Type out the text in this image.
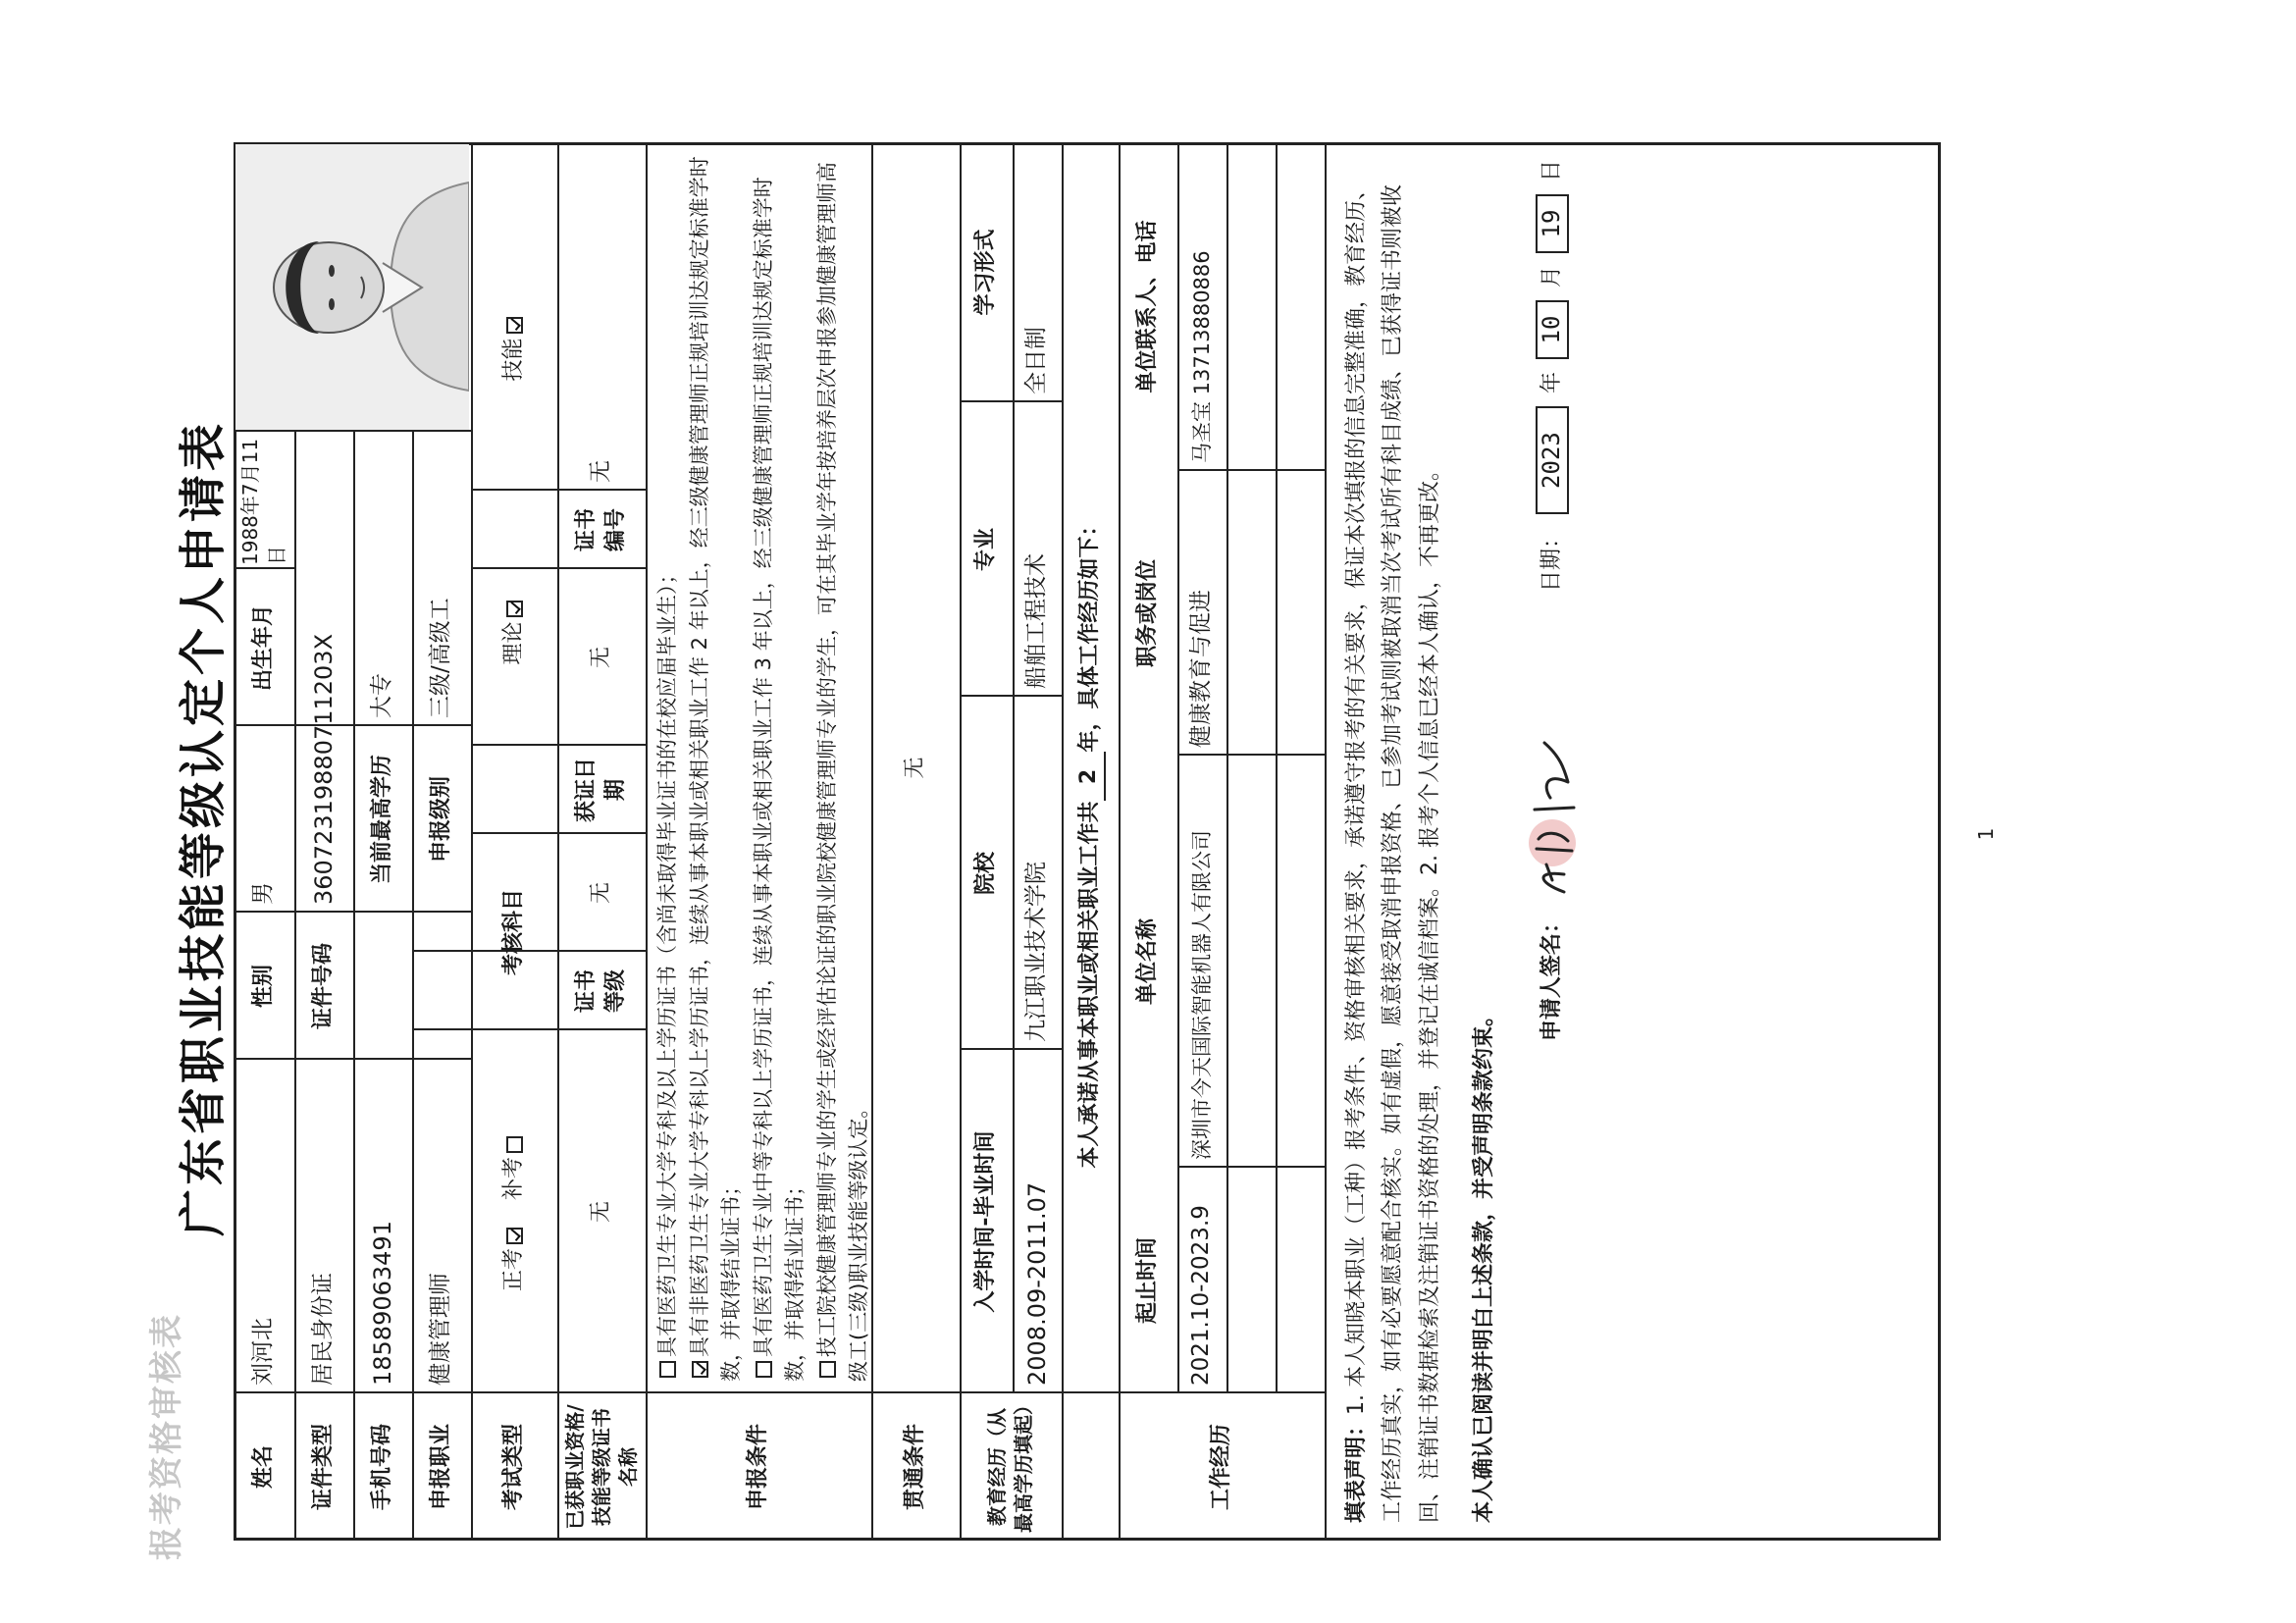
报考资格审核表
广东省职业技能等级认定个人申请表
姓名
刘河北
性别
男
出生年月
1988年7月11日
证件类型
居民身份证
证件号码
36072319880711203X
手机号码
18589063491
当前最高学历
大专
申报职业
健康管理师
申报级别
三级/高级工
考试类型
正考
补考
考核科目
理论
技能
已获职业资格/技能等级证书名称
无
证书等级
无
获证日期
无
证书编号
无
申报条件
具有医药卫生专业大学专科及以上学历证书（含尚未取得毕业证书的在校应届毕业生）； 具有非医药卫生专业大学专科以上学历证书，连续从事本职业或相关职业工作 2 年以上，经三级健康管理师正规培训达规定标准学时数，并取得结业证书； 具有医药卫生专业中等专科以上学历证书，连续从事本职业或相关职业工作 3 年以上，经三级健康管理师正规培训达规定标准学时数，并取得结业证书； 技工院校健康管理师专业的学生或经评估论证的职业院校健康管理师专业的学生，可在其毕业学年按培养层次申报参加健康管理师高级工(三级)职业技能等级认定。
贯通条件
无
教育经历（从最高学历填起）
入学时间-毕业时间
院校
专业
学习形式
2008.09-2011.07
九江职业技术学院
船舶工程技术
全日制
本人承诺从事本职业或相关职业工作共
2
年，具体工作经历如下：
工作经历
起止时间
单位名称
职务或岗位
单位联系人、电话
2021.10-2023.9
深圳市今天国际智能机器人有限公司
健康教育与促进
马圣宝 13713880886
填表声明：1. 本人知晓本职业（工种）报考条件、资格审核相关要求，承诺遵守报考的有关要求，保证本次填报的信息完整准确，教育经历、工作经历真实，如有必要愿意配合核实。如有虚假，愿意接受取消申报资格、已参加考试则被取消当次考试所有科目成绩、已获得证书则被收回、注销证书数据检索及注销证书资格的处理，并登记在诚信档案。2. 报考个人信息已经本人确认，不再更改。 本人确认已阅读并明白上述条款，并受声明条款约束。
申请人签名：
日期：
2023
年
10
月
19
日
1
